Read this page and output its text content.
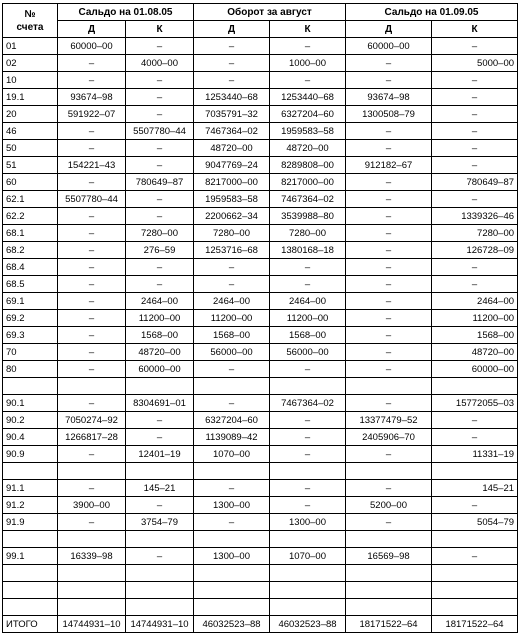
№
счета	Сальдо на 01.08.05		Оборот за август		Сальдо на 01.09.05	
	Д	К	Д	К	Д	К
01	60000–00	–	–	–	60000–00	–
02	–	4000–00	–	1000–00	–	5000–00
10	–	–	–	–	–	–
19.1	93674–98	–	1253440–68	1253440–68	93674–98	–
20	591922–07	–	7035791–32	6327204–60	1300508–79	–
46	–	5507780–44	7467364–02	1959583–58	–	–
50	–	–	48720–00	48720–00	–	–
51	154221–43	–	9047769–24	8289808–00	912182–67	–
60	–	780649–87	8217000–00	8217000–00	–	780649–87
62.1	5507780–44	–	1959583–58	7467364–02	–	–
62.2	–	–	2200662–34	3539988–80	–	1339326–46
68.1	–	7280–00	7280–00	7280–00	–	7280–00
68.2	–	276–59	1253716–68	1380168–18	–	126728–09
68.4	–	–	–	–	–	–
68.5	–	–	–	–	–	–
69.1	–	2464–00	2464–00	2464–00	–	2464–00
69.2	–	11200–00	11200–00	11200–00	–	11200–00
69.3	–	1568–00	1568–00	1568–00	–	1568–00
70	–	48720–00	56000–00	56000–00	–	48720–00
80	–	60000–00	–	–	–	60000–00

90.1	–	8304691–01	–	7467364–02	–	15772055–03
90.2	7050274–92	–	6327204–60	–	13377479–52	–
90.4	1266817–28	–	1139089–42	–	2405906–70	–
90.9	–	12401–19	1070–00	–	–	11331–19

91.1	–	145–21	–	–	–	145–21
91.2	3900–00	–	1300–00	–	5200–00	–
91.9	–	3754–79	–	1300–00	–	5054–79

99.1	16339–98	–	1300–00	1070–00	16569–98	–

ИТОГО	14744931–10	14744931–10	46032523–88	46032523–88	18171522–64	18171522–64
